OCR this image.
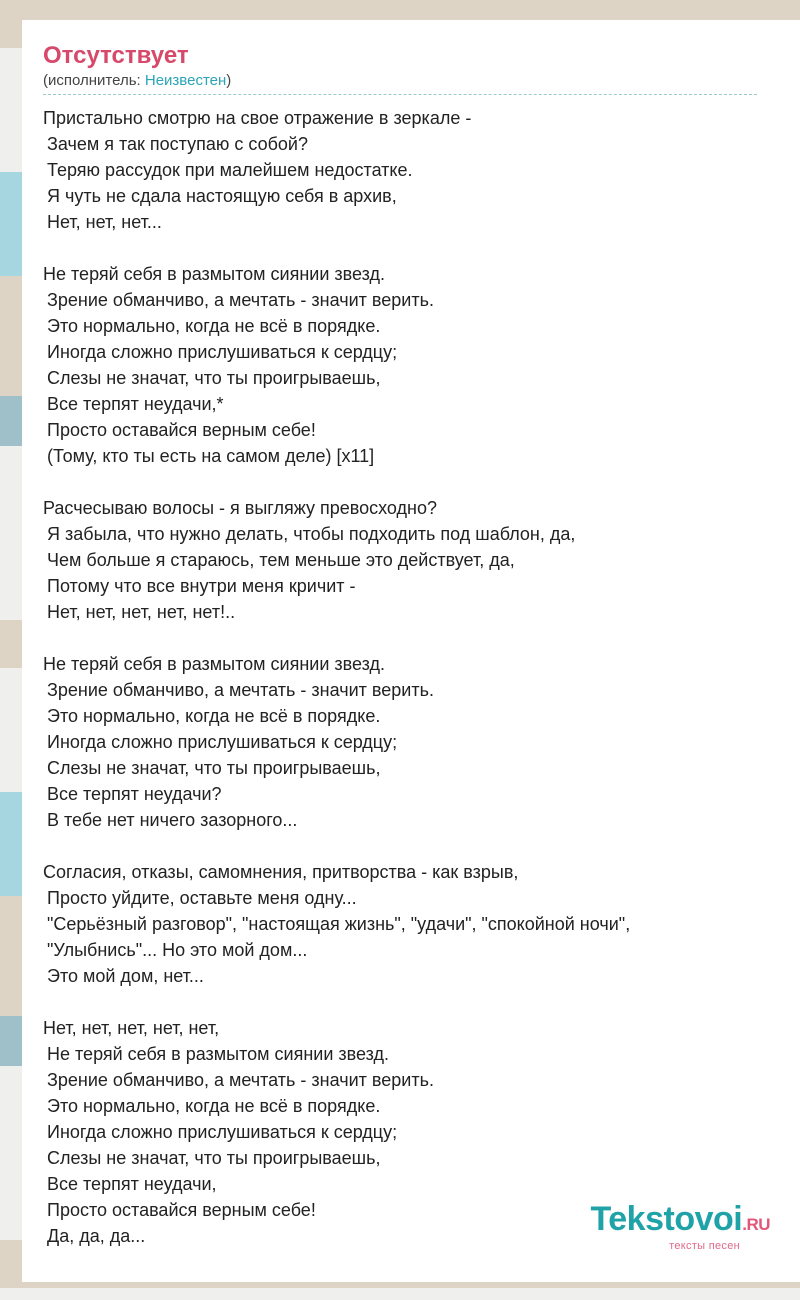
Отсутствует
(исполнитель: Неизвестен)
Пристально смотрю на свое отражение в зеркале -
Зачем я так поступаю с собой?
Теряю рассудок при малейшем недостатке.
Я чуть не сдала настоящую себя в архив,
Нет, нет, нет...
Не теряй себя в размытом сиянии звезд.
Зрение обманчиво, а мечтать - значит верить.
Это нормально, когда не всё в порядке.
Иногда сложно прислушиваться к сердцу;
Слезы не значат, что ты проигрываешь,
Все терпят неудачи,*
Просто оставайся верным себе!
(Тому, кто ты есть на самом деле) [x11]
Расчесываю волосы - я выгляжу превосходно?
Я забыла, что нужно делать, чтобы подходить под шаблон, да,
Чем больше я стараюсь, тем меньше это действует, да,
Потому что все внутри меня кричит -
Нет, нет, нет, нет, нет!..
Не теряй себя в размытом сиянии звезд.
Зрение обманчиво, а мечтать - значит верить.
Это нормально, когда не всё в порядке.
Иногда сложно прислушиваться к сердцу;
Слезы не значат, что ты проигрываешь,
Все терпят неудачи?
В тебе нет ничего зазорного...
Согласия, отказы, самомнения, притворства - как взрыв,
Просто уйдите, оставьте меня одну...
"Серьёзный разговор", "настоящая жизнь", "удачи", "спокойной ночи",
"Улыбнись"... Но это мой дом...
Это мой дом, нет...
Нет, нет, нет, нет, нет,
Не теряй себя в размытом сиянии звезд.
Зрение обманчиво, а мечтать - значит верить.
Это нормально, когда не всё в порядке.
Иногда сложно прислушиваться к сердцу;
Слезы не значат, что ты проигрываешь,
Все терпят неудачи,
Просто оставайся верным себе!
Да, да, да...	Tekstovoi.RU
тексты песен
